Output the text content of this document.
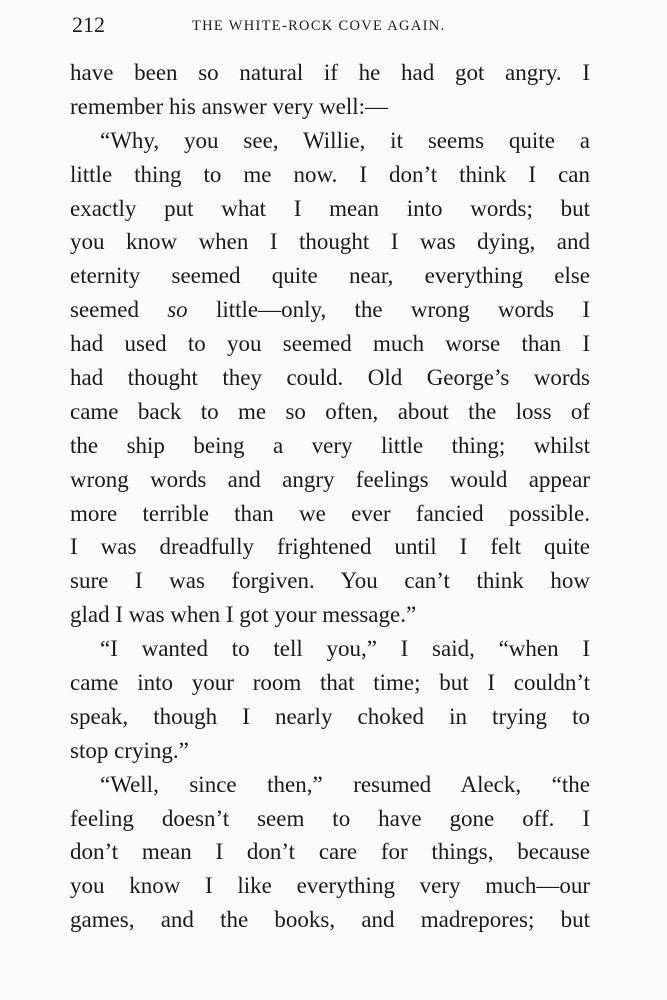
212	THE WHITE-ROCK COVE AGAIN.
have been so natural if he had got angry. I
remember his answer very well:—
“Why, you see, Willie, it seems quite a
little thing to me now. I don’t think I can
exactly put what I mean into words; but
you know when I thought I was dying, and
eternity seemed quite near, everything else
seemed so little—only, the wrong words I
had used to you seemed much worse than I
had thought they could. Old George’s words
came back to me so often, about the loss of
the ship being a very little thing; whilst
wrong words and angry feelings would appear
more terrible than we ever fancied possible.
I was dreadfully frightened until I felt quite
sure I was forgiven. You can’t think how
glad I was when I got your message.”
“I wanted to tell you,” I said, “when I
came into your room that time; but I couldn’t
speak, though I nearly choked in trying to
stop crying.”
“Well, since then,” resumed Aleck, “the
feeling doesn’t seem to have gone off. I
don’t mean I don’t care for things, because
you know I like everything very much—our
games, and the books, and madrepores; but
